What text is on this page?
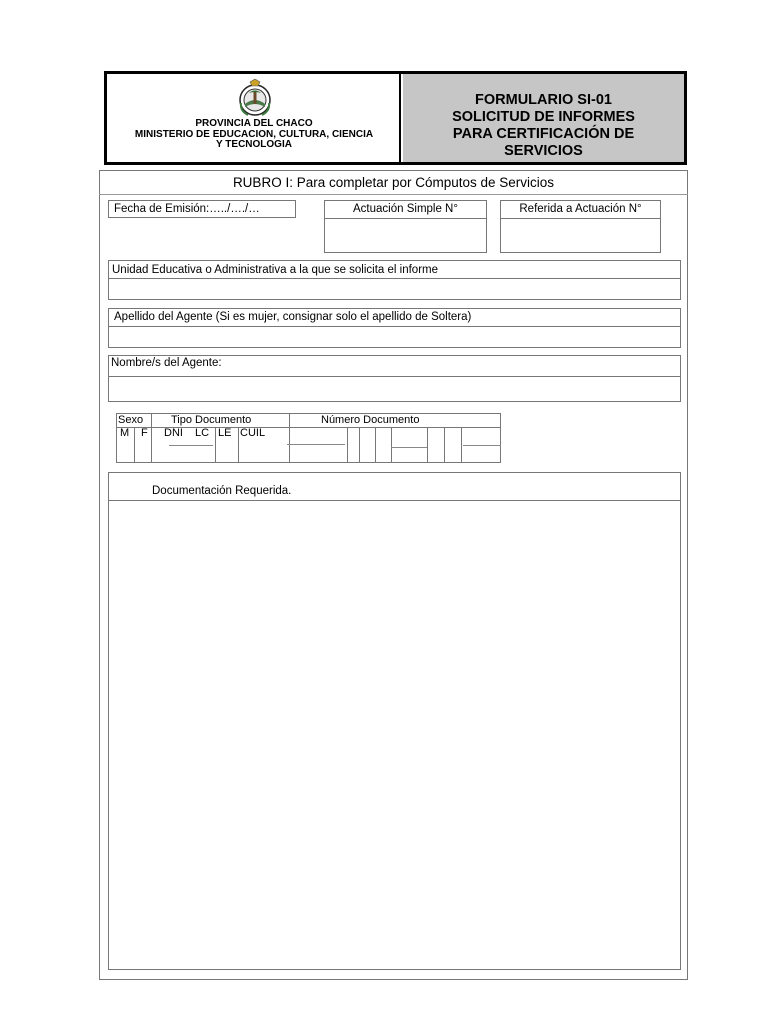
PROVINCIA DEL CHACO
MINISTERIO DE EDUCACION, CULTURA, CIENCIA
Y TECNOLOGIA
FORMULARIO SI-01
SOLICITUD DE INFORMES
PARA CERTIFICACIÓN DE
SERVICIOS
RUBRO I: Para completar por Cómputos de Servicios
Fecha de Emisión:…../…./…	Actuación Simple N°	Referida a Actuación N°
Unidad Educativa o Administrativa a la que se solicita el informe
Apellido del Agente (Si es mujer, consignar solo el apellido de Soltera)
Nombre/s del Agente:
Sexo	Tipo Documento	Número Documento
M F DNI LC LE CUIL
Documentación Requerida.
